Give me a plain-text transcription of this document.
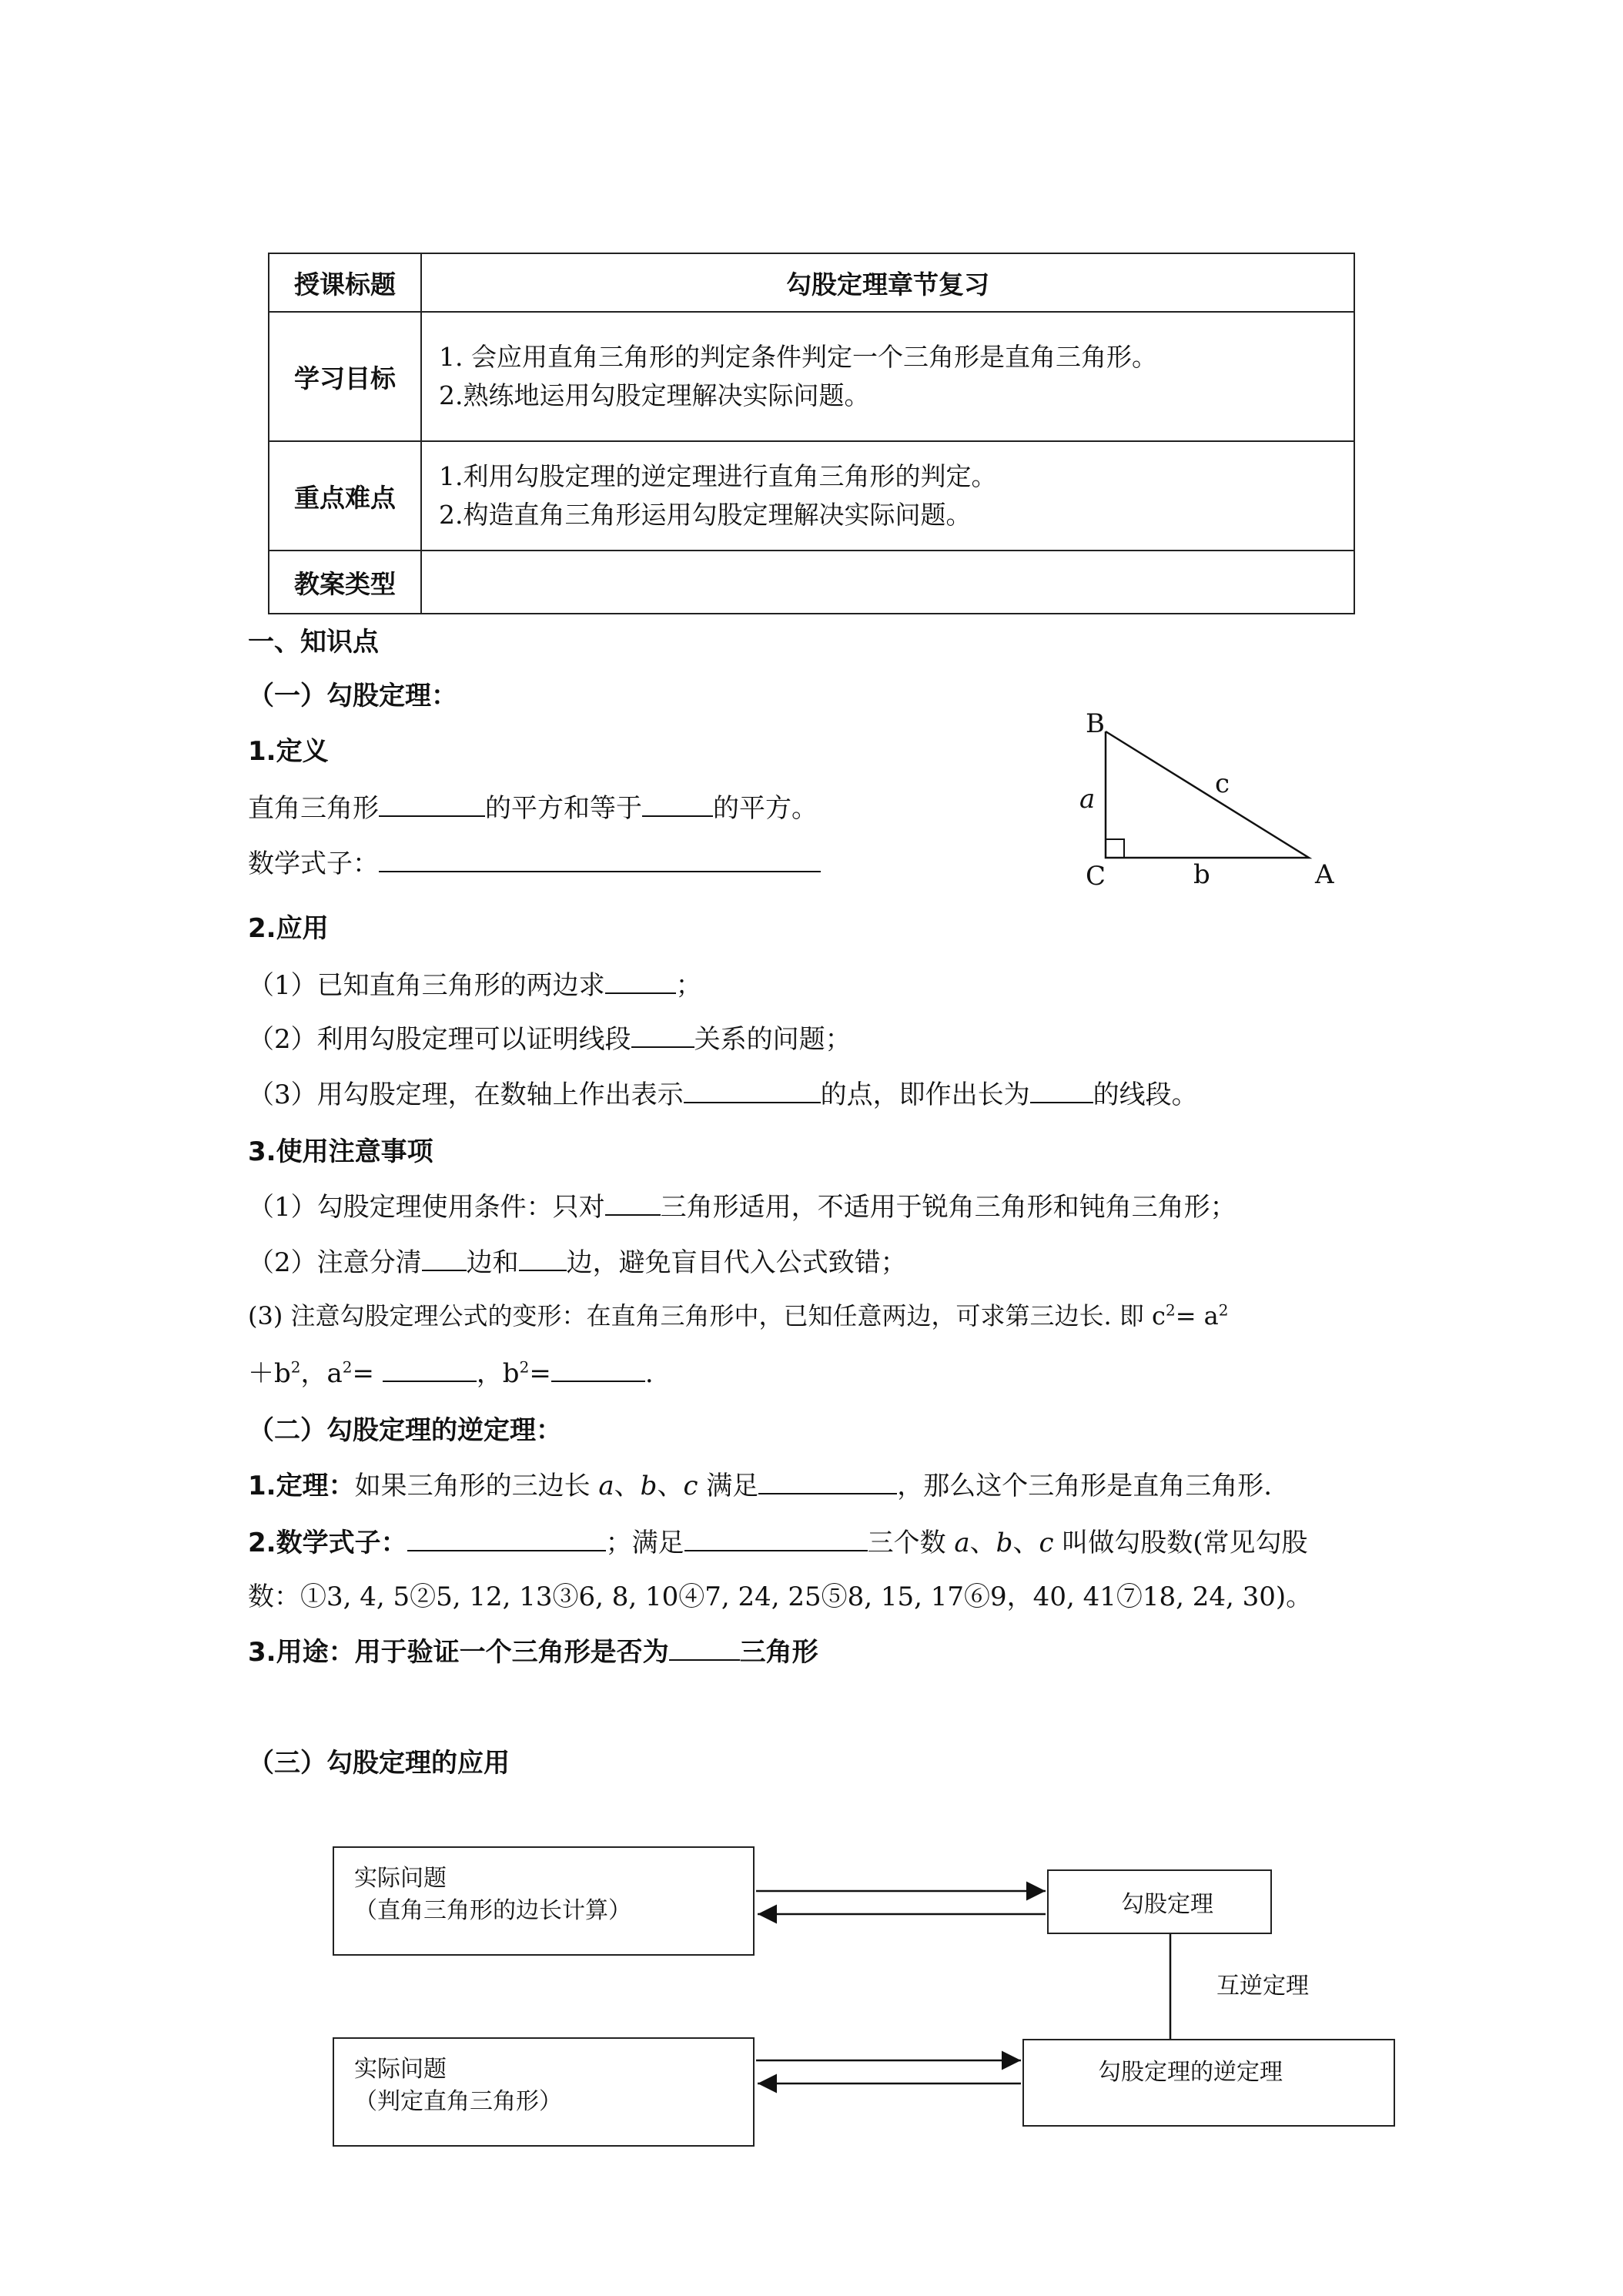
授课标题	勾股定理章节复习
学习目标	1. 会应用直角三角形的判定条件判定一个三角形是直角三角形。
2.熟练地运用勾股定理解决实际问题。

重点难点	1.利用勾股定理的逆定理进行直角三角形的判定。
2.构造直角三角形运用勾股定理解决实际问题。

教案类型	
一、知识点
（一）勾股定理：
1.定义
直角三角形	的平方和等于	的平方。
数学式子：
B
C	A
a
b
c
2.应用
（1）已知直角三角形的两边求	；
（2）利用勾股定理可以证明线段 关系的问题；
（3）用勾股定理，在数轴上作出表示	的点，即作出长为 的线段。
3.使用注意事项
（1）勾股定理使用条件：只对 三角形适用，不适用于锐角三角形和钝角三角形；
（2）注意分清 边和 边，避免盲目代入公式致错；
(3) 注意勾股定理公式的变形：在直角三角形中，已知任意两边，可求第三边长. 即 $c^2= a^2$
$+b^2$，$a^2=$	，$b^2=$	.
（二）勾股定理的逆定理：
1.定理：如果三角形的三边长 a、b、c 满足	，那么这个三角形是直角三角形.
2.数学式子：	；满足	三个数 a、b、c 叫做勾股数(常见勾股
数：①3, 4, 5②5, 12, 13③6, 8, 10④7, 24, 25⑤8, 15, 17⑥9，40, 41⑦18, 24, 30)。
3.用途：用于验证一个三角形是否为	三角形
（三）勾股定理的应用
实际问题
（直角三角形的边长计算）	勾股定理
实际问题
（判定直角三角形）
勾股定理的逆定理
互逆定理
